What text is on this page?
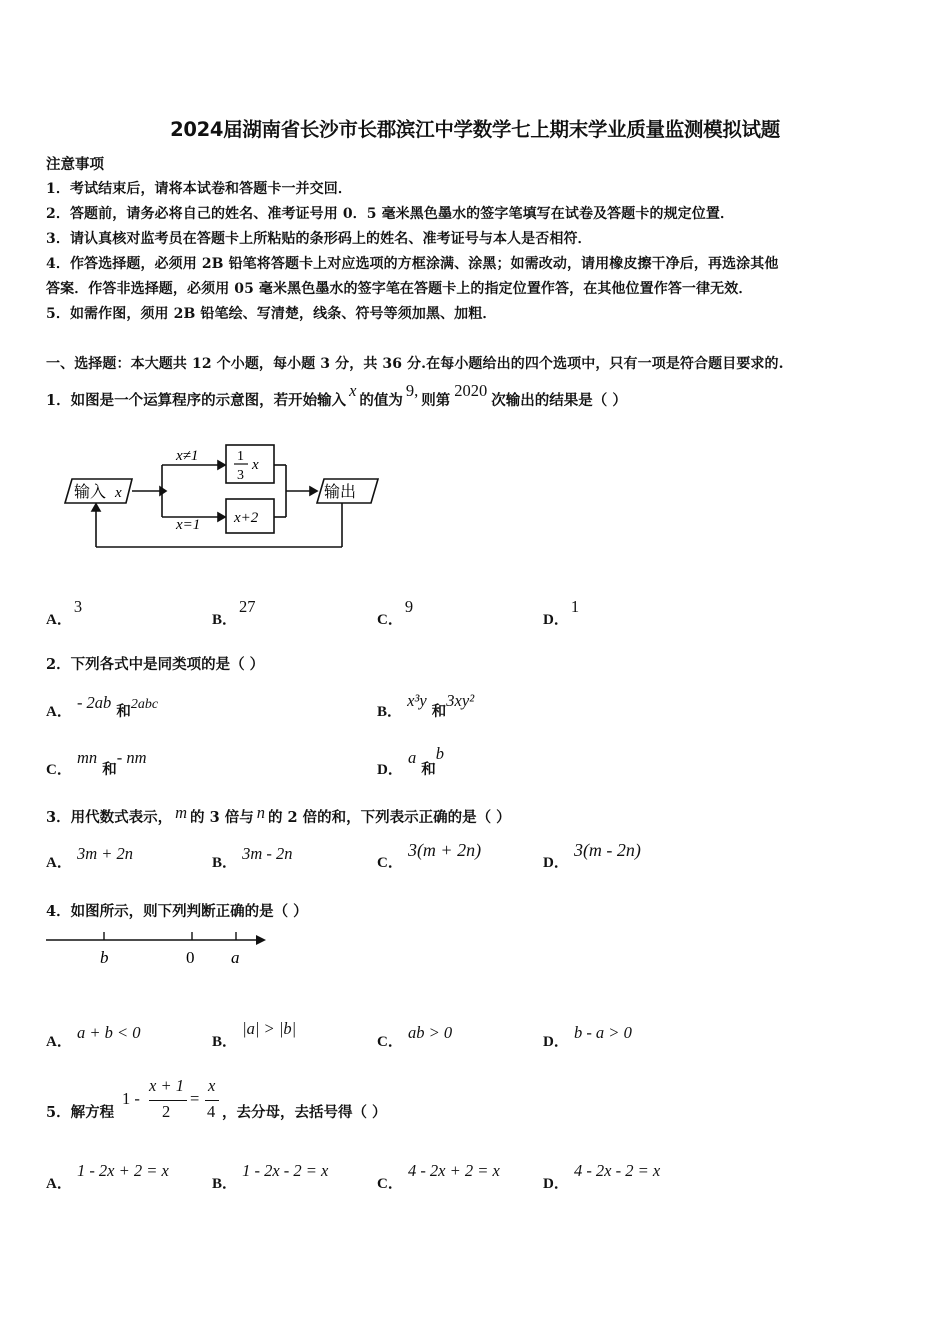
2024届湖南省长沙市长郡滨江中学数学七上期末学业质量监测模拟试题
注意事项
1．考试结束后，请将本试卷和答题卡一并交回．
2．答题前，请务必将自己的姓名、准考证号用 0．5 毫米黑色墨水的签字笔填写在试卷及答题卡的规定位置．
3．请认真核对监考员在答题卡上所粘贴的条形码上的姓名、准考证号与本人是否相符．
4．作答选择题，必须用 2B 铅笔将答题卡上对应选项的方框涂满、涂黑；如需改动，请用橡皮擦干净后，再选涂其他
答案．作答非选择题，必须用 05 毫米黑色墨水的签字笔在答题卡上的指定位置作答，在其他位置作答一律无效．
5．如需作图，须用 2B 铅笔绘、写清楚，线条、符号等须加黑、加粗．
一、选择题：本大题共 12 个小题，每小题 3 分，共 36 分.在每小题给出的四个选项中，只有一项是符合题目要求的.
1．如图是一个运算程序的示意图，若开始输入x的值为9,则第2020次输出的结果是（ ）
输入 x	输出
x≠1
x=1
1
3
x
x+2
A．3
B．27
C．9
D．1
2．下列各式中是同类项的是（ ）
A． - 2ab 和2abc	B． x³y 和3xy²
C． mn 和- nm
D． a 和b
3．用代数式表示， m 的 3 倍与 n 的 2 倍的和，下列表示正确的是（ ）
A． 3m + 2n	B． 3m - 2n	C． 3(m + 2n)
D． 3(m - 2n)
4．如图所示，则下列判断正确的是（ ）
b	0 a
A． a + b < 0	B． |a| > |b|
C． ab > 0	D． b - a > 0
5．解方程
1 -
x + 1
2
=
x
4 ，去分母，去括号得（ ）
A． 1 - 2x + 2 = x
B． 1 - 2x - 2 = x
C． 4 - 2x + 2 = x
D． 4 - 2x - 2 = x
